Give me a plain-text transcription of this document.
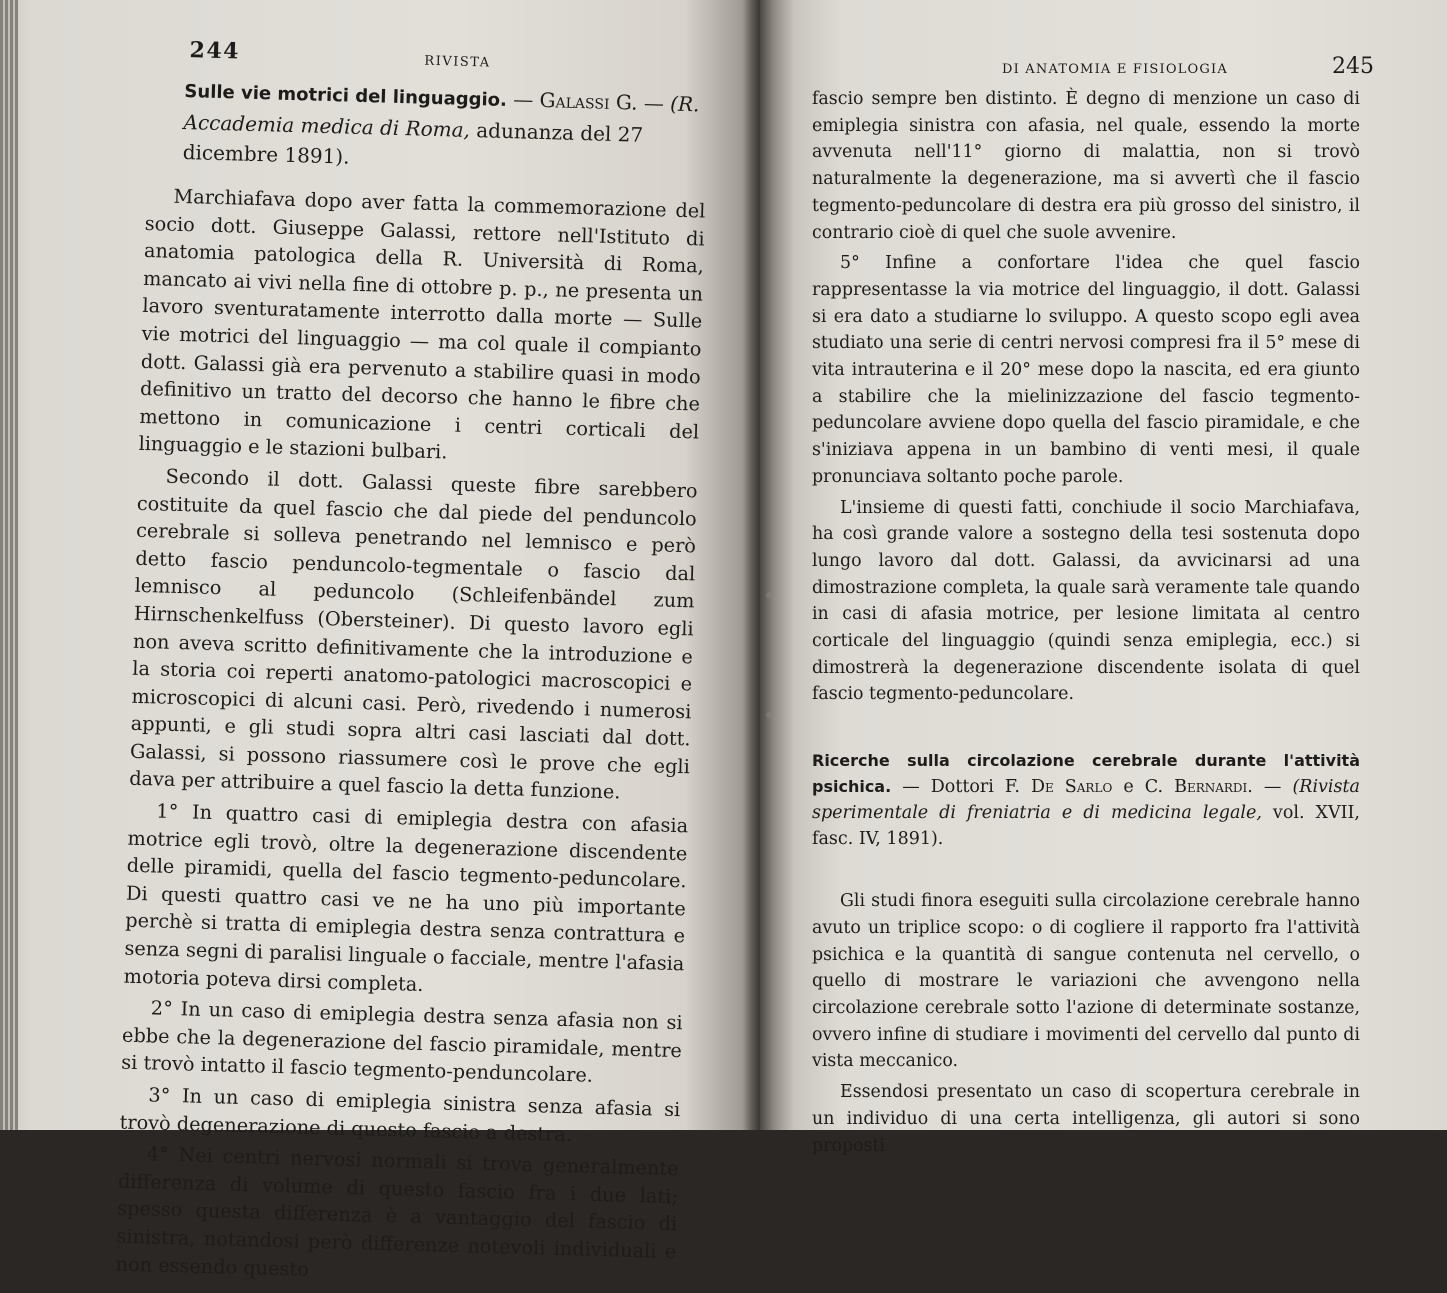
244	RIVISTA
Sulle vie motrici del linguaggio. — Galassi G. — (R. Accademia medica di Roma, adunanza del 27 dicembre 1891).

Marchiafava dopo aver fatta la commemorazione del socio dott. Giuseppe Galassi, rettore nell'Istituto di anatomia patologica della R. Università di Roma, mancato ai vivi nella fine di ottobre p. p., ne presenta un lavoro sventuratamente interrotto dalla morte — Sulle vie motrici del linguaggio — ma col quale il compianto dott. Galassi già era pervenuto a stabilire quasi in modo definitivo un tratto del decorso che hanno le fibre che mettono in comunicazione i centri corticali del linguaggio e le stazioni bulbari.

Secondo il dott. Galassi queste fibre sarebbero costituite da quel fascio che dal piede del penduncolo cerebrale si solleva penetrando nel lemnisco e però detto fascio penduncolo-tegmentale o fascio dal lemnisco al peduncolo (Schleifenbändel zum Hirnschenkelfuss (Obersteiner). Di questo lavoro egli non aveva scritto definitivamente che la introduzione e la storia coi reperti anatomo-patologici macroscopici e microscopici di alcuni casi. Però, rivedendo i numerosi appunti, e gli studi sopra altri casi lasciati dal dott. Galassi, si possono riassumere così le prove che egli dava per attribuire a quel fascio la detta funzione.

1° In quattro casi di emiplegia destra con afasia motrice egli trovò, oltre la degenerazione discendente delle piramidi, quella del fascio tegmento-peduncolare. Di questi quattro casi ve ne ha uno più importante perchè si tratta di emiplegia destra senza contrattura e senza segni di paralisi linguale o facciale, mentre l'afasia motoria poteva dirsi completa.

2° In un caso di emiplegia destra senza afasia non si ebbe che la degenerazione del fascio piramidale, mentre si trovò intatto il fascio tegmento-penduncolare.

3° In un caso di emiplegia sinistra senza afasia si trovò degenerazione di questo fascio a destra.

4° Nei centri nervosi normali si trova generalmente differenza di volume di questo fascio fra i due lati; spesso questa differenza è a vantaggio del fascio di sinistra, notandosi però differenze notevoli individuali e non essendo questo

DI ANATOMIA E FISIOLOGIA	245

fascio sempre ben distinto. È degno di menzione un caso di emiplegia sinistra con afasia, nel quale, essendo la morte avvenuta nell'11° giorno di malattia, non si trovò naturalmente la degenerazione, ma si avvertì che il fascio tegmento-peduncolare di destra era più grosso del sinistro, il contrario cioè di quel che suole avvenire.

5° Infine a confortare l'idea che quel fascio rappresentasse la via motrice del linguaggio, il dott. Galassi si era dato a studiarne lo sviluppo. A questo scopo egli avea studiato una serie di centri nervosi compresi fra il 5° mese di vita intrauterina e il 20° mese dopo la nascita, ed era giunto a stabilire che la mielinizzazione del fascio tegmento-peduncolare avviene dopo quella del fascio piramidale, e che s'iniziava appena in un bambino di venti mesi, il quale pronunciava soltanto poche parole.

L'insieme di questi fatti, conchiude il socio Marchiafava, ha così grande valore a sostegno della tesi sostenuta dopo lungo lavoro dal dott. Galassi, da avvicinarsi ad una dimostrazione completa, la quale sarà veramente tale quando in casi di afasia motrice, per lesione limitata al centro corticale del linguaggio (quindi senza emiplegia, ecc.) si dimostrerà la degenerazione discendente isolata di quel fascio tegmento-peduncolare.

Ricerche sulla circolazione cerebrale durante l'attività psichica. — Dottori F. De Sarlo e C. Bernardi. — (Rivista sperimentale di freniatria e di medicina legale, vol. XVII, fasc. IV, 1891).

Gli studi finora eseguiti sulla circolazione cerebrale hanno avuto un triplice scopo: o di cogliere il rapporto fra l'attività psichica e la quantità di sangue contenuta nel cervello, o quello di mostrare le variazioni che avvengono nella circolazione cerebrale sotto l'azione di determinate sostanze, ovvero infine di studiare i movimenti del cervello dal punto di vista meccanico.

Essendosi presentato un caso di scopertura cerebrale in un individuo di una certa intelligenza, gli autori si sono proposti
